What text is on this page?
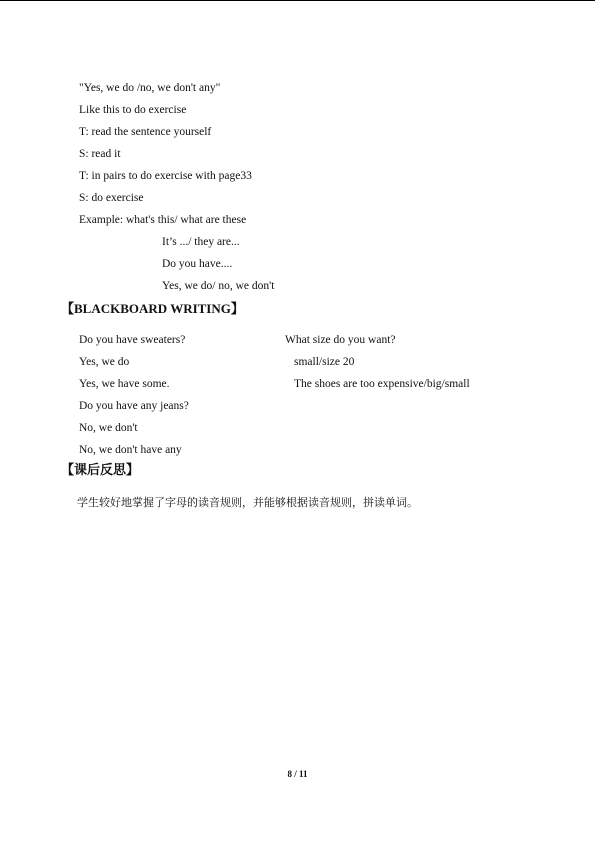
"Yes, we do /no, we don't any"
Like this to do exercise
T: read the sentence yourself
S: read it
T: in pairs to do exercise with page33
S: do exercise
Example: what's this/ what are these
It’s .../ they are...
Do you have....
Yes, we do/ no, we don't
【BLACKBOARD WRITING】
Do you have sweaters?
Yes, we do
Yes, we have some.
Do you have any jeans?
No, we don't
No, we don't have any
What size do you want?
small/size 20
The shoes are too expensive/big/small
【课后反思】
学生较好地掌握了字母的读音规则，并能够根据读音规则，拼读单词。
8 / 11
